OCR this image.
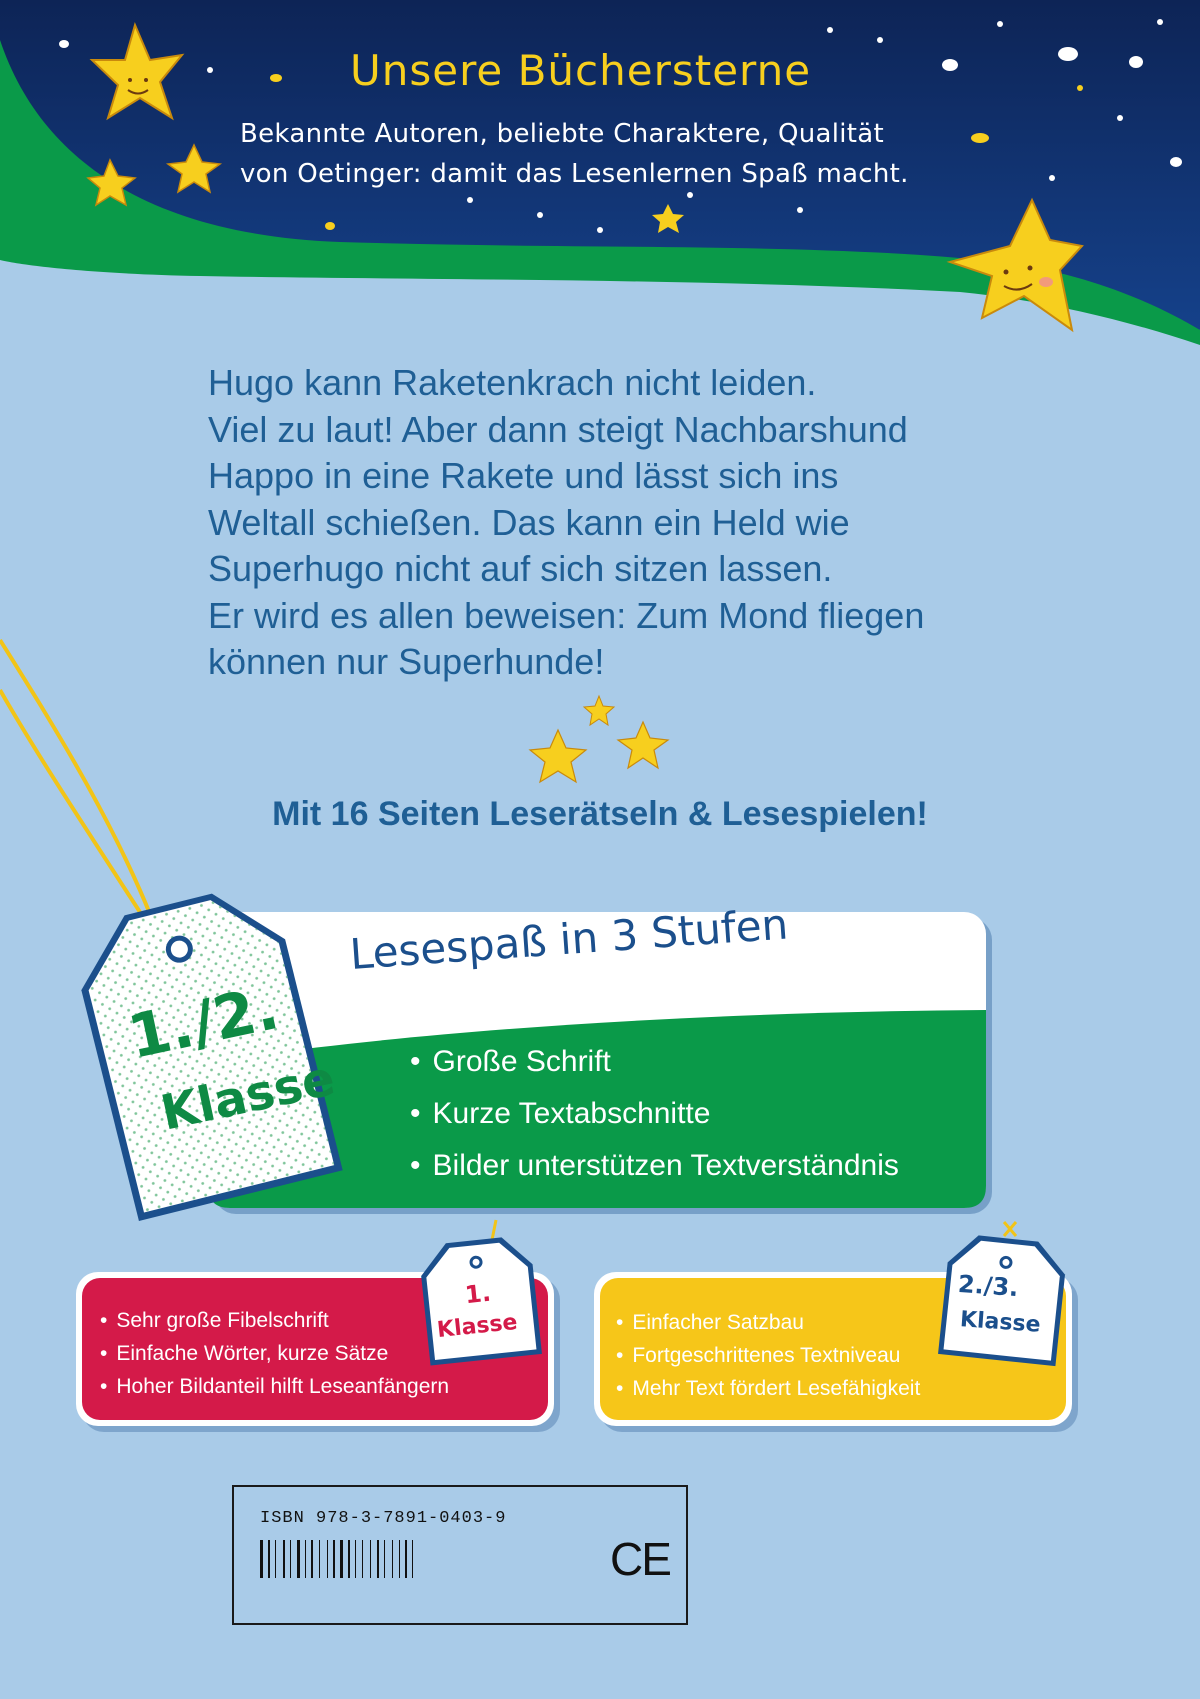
Unsere Büchersterne
Bekannte Autoren, beliebte Charaktere, Qualität
von Oetinger: damit das Lesenlernen Spaß macht.
Hugo kann Raketenkrach nicht leiden.
Viel zu laut! Aber dann steigt Nachbarshund
Happo in eine Rakete und lässt sich ins
Weltall schießen. Das kann ein Held wie
Superhugo nicht auf sich sitzen lassen.
Er wird es allen beweisen: Zum Mond fliegen
können nur Superhunde!
Mit 16 Seiten Leserätseln & Lesespielen!
Lesespaß in 3 Stufen
1./2.
Klasse
•	Große Schrift
• Kurze Textabschnitte
• Bilder unterstützen Textverständnis
• Sehr große Fibelschrift
• Einfache Wörter, kurze Sätze
• Hoher Bildanteil hilft Leseanfängern
• Einfacher Satzbau
• Fortgeschrittenes Textniveau
• Mehr Text fördert Lesefähigkeit
1.
Klasse
2./3.
Klasse
ISBN 978-3-7891-0403-9
CE
